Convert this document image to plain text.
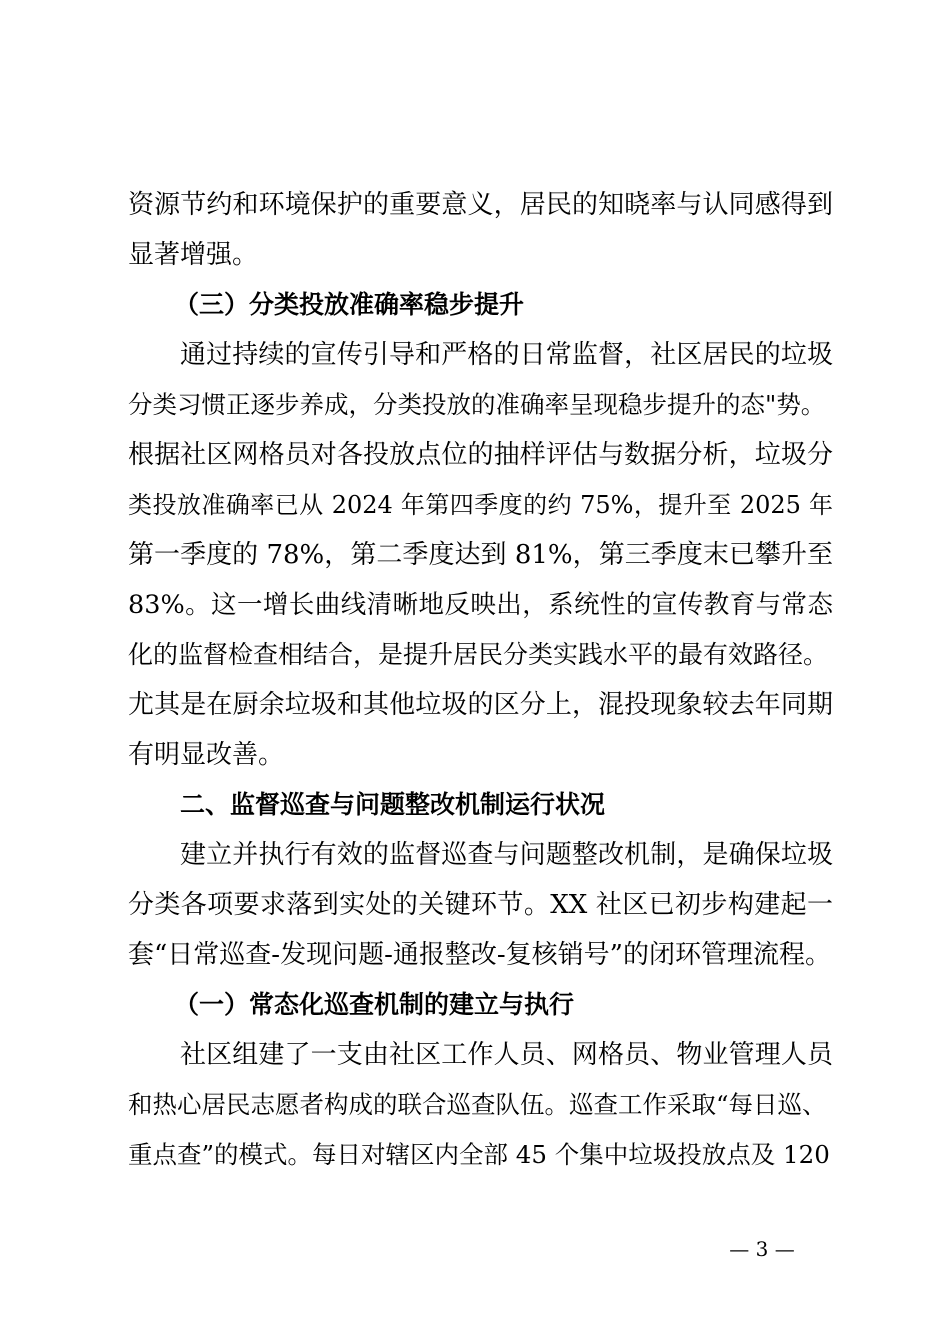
资源节约和环境保护的重要意义，居民的知晓率与认同感得到
显著增强。
（三）分类投放准确率稳步提升
通过持续的宣传引导和严格的日常监督，社区居民的垃圾
分类习惯正逐步养成，分类投放的准确率呈现稳步提升的态"势。
根据社区网格员对各投放点位的抽样评估与数据分析，垃圾分
类投放准确率已从 2024 年第四季度的约 75%，提升至 2025 年
第一季度的 78%，第二季度达到 81%，第三季度末已攀升至
83%。这一增长曲线清晰地反映出，系统性的宣传教育与常态
化的监督检查相结合，是提升居民分类实践水平的最有效路径。
尤其是在厨余垃圾和其他垃圾的区分上，混投现象较去年同期
有明显改善。
二、监督巡查与问题整改机制运行状况
建立并执行有效的监督巡查与问题整改机制，是确保垃圾
分类各项要求落到实处的关键环节。XX 社区已初步构建起一
套“日常巡查-发现问题-通报整改-复核销号”的闭环管理流程。
（一）常态化巡查机制的建立与执行
社区组建了一支由社区工作人员、网格员、物业管理人员
和热心居民志愿者构成的联合巡查队伍。巡查工作采取“每日巡、
重点查”的模式。每日对辖区内全部 45 个集中垃圾投放点及 120
— 3 —
